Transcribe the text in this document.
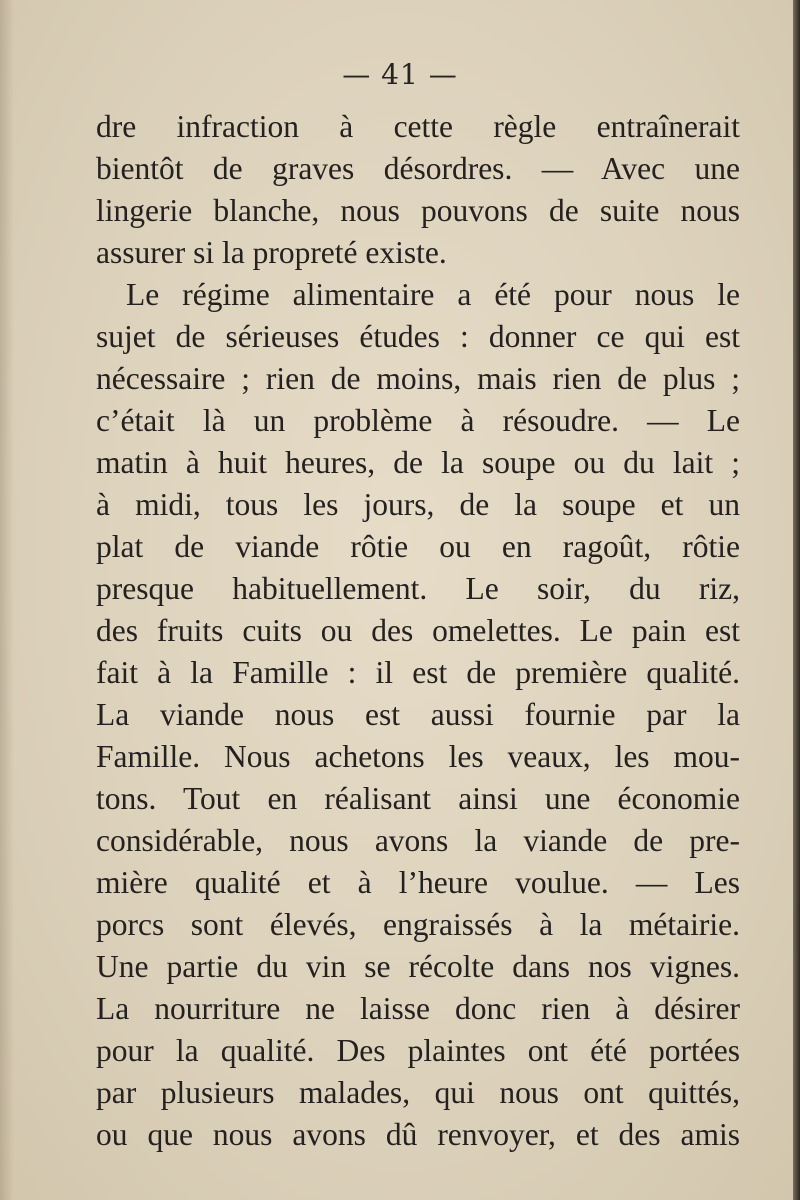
— 41 —
dre infraction à cette règle entraînerait
bientôt de graves désordres. — Avec une
lingerie blanche, nous pouvons de suite nous
assurer si la propreté existe.
Le régime alimentaire a été pour nous le
sujet de sérieuses études : donner ce qui est
nécessaire ; rien de moins, mais rien de plus ;
c’était là un problème à résoudre. — Le
matin à huit heures, de la soupe ou du lait ;
à midi, tous les jours, de la soupe et un
plat de viande rôtie ou en ragoût, rôtie
presque habituellement. Le soir, du riz,
des fruits cuits ou des omelettes. Le pain est
fait à la Famille : il est de première qualité.
La viande nous est aussi fournie par la
Famille. Nous achetons les veaux, les mou-
tons. Tout en réalisant ainsi une économie
considérable, nous avons la viande de pre-
mière qualité et à l’heure voulue. — Les
porcs sont élevés, engraissés à la métairie.
Une partie du vin se récolte dans nos vignes.
La nourriture ne laisse donc rien à désirer
pour la qualité. Des plaintes ont été portées
par plusieurs malades, qui nous ont quittés,
ou que nous avons dû renvoyer, et des amis
